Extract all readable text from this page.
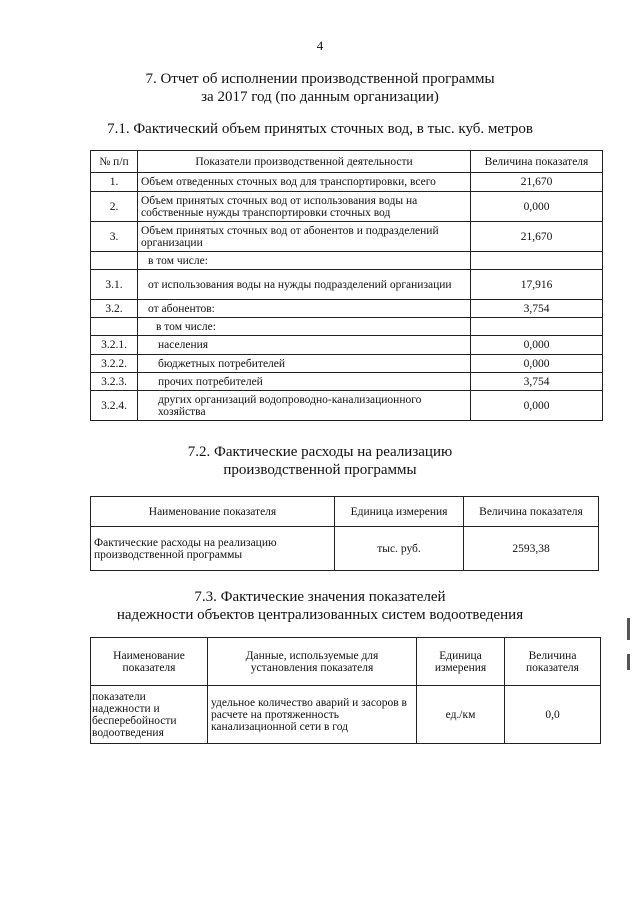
4
7. Отчет об исполнении производственной программы
за 2017 год (по данным организации)
7.1. Фактический объем принятых сточных вод, в тыс. куб. метров
№ п/п	Показатели производственной деятельности	Величина показателя
1.	Объем отведенных сточных вод для транспортировки, всего	21,670
2.	Объем принятых сточных вод от использования воды на собственные нужды транспортировки сточных вод	0,000
3.	Объем принятых сточных вод от абонентов и подразделений организации	21,670
	в том числе:	
3.1.	от использования воды на нужды подразделений организации	17,916
3.2.	от абонентов:	3,754
	в том числе:	
3.2.1.	населения	0,000
3.2.2.	бюджетных потребителей	0,000
3.2.3.	прочих потребителей	3,754
3.2.4.	других организаций водопроводно-канализационного хозяйства	0,000
7.2. Фактические расходы на реализацию
производственной программы
Наименование показателя	Единица измерения	Величина показателя
Фактические расходы на реализацию производственной программы	тыс. руб.	2593,38
7.3. Фактические значения показателей
надежности объектов централизованных систем водоотведения
Наименование показателя	Данные, используемые для установления показателя	Единица измерения	Величина показателя
показатели надежности и бесперебойности водоотведения	удельное количество аварий и засоров в расчете на протяженность канализационной сети в год	ед./км	0,0
